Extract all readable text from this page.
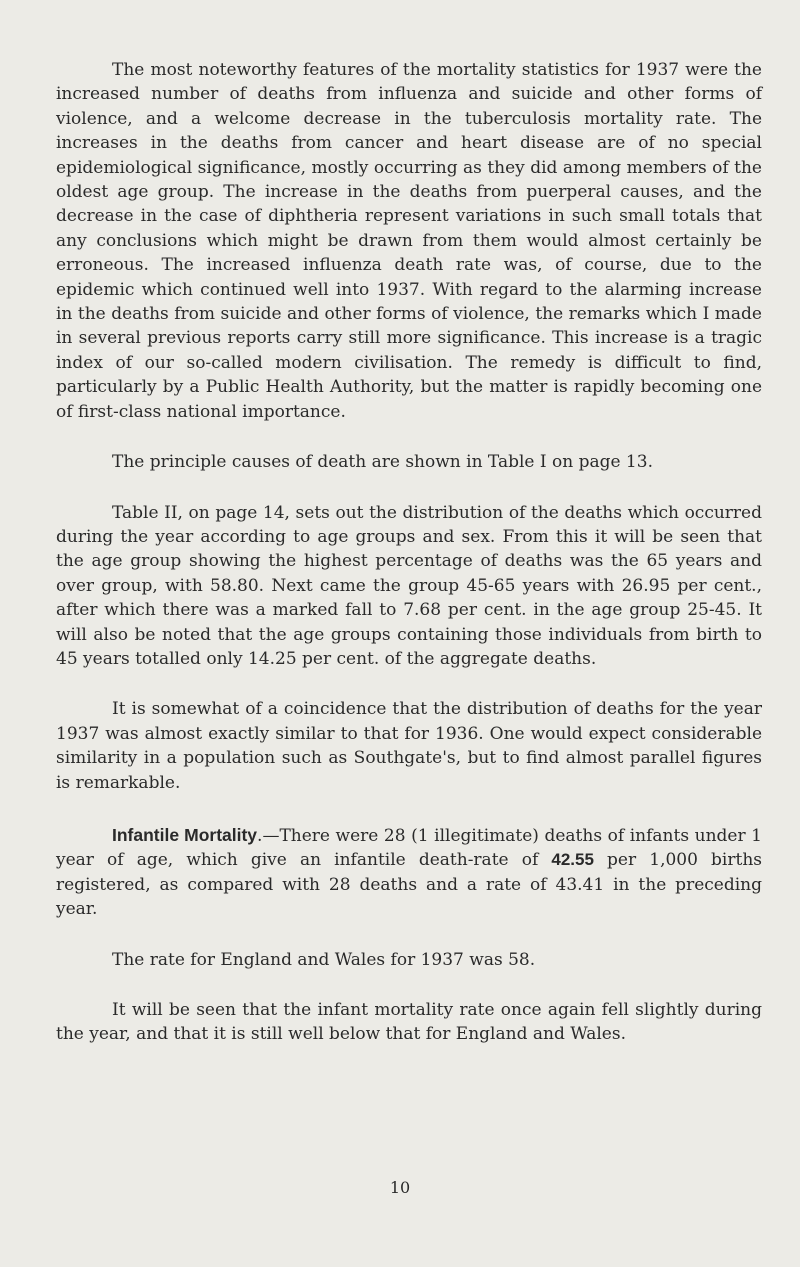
The most noteworthy features of the mortality statistics for 1937 were the increased number of deaths from influenza and suicide and other forms of violence, and a welcome decrease in the tuberculosis mortality rate. The increases in the deaths from cancer and heart disease are of no special epidemiological significance, mostly occurring as they did among members of the oldest age group. The increase in the deaths from puerperal causes, and the decrease in the case of diphtheria represent variations in such small totals that any conclusions which might be drawn from them would almost certainly be erroneous. The increased influenza death rate was, of course, due to the epidemic which continued well into 1937. With regard to the alarming increase in the deaths from suicide and other forms of violence, the remarks which I made in several previous reports carry still more significance. This increase is a tragic index of our so-called modern civilisation. The remedy is difficult to find, particularly by a Public Health Authority, but the matter is rapidly becoming one of first-class national importance.

The principle causes of death are shown in Table I on page 13.

Table II, on page 14, sets out the distribution of the deaths which occurred during the year according to age groups and sex. From this it will be seen that the age group showing the highest percentage of deaths was the 65 years and over group, with 58.80. Next came the group 45-65 years with 26.95 per cent., after which there was a marked fall to 7.68 per cent. in the age group 25-45. It will also be noted that the age groups containing those individuals from birth to 45 years totalled only 14.25 per cent. of the aggregate deaths.

It is somewhat of a coincidence that the distribution of deaths for the year 1937 was almost exactly similar to that for 1936. One would expect considerable similarity in a population such as Southgate's, but to find almost parallel figures is remarkable.

Infantile Mortality.—There were 28 (1 illegitimate) deaths of infants under 1 year of age, which give an infantile death-rate of 42.55 per 1,000 births registered, as compared with 28 deaths and a rate of 43.41 in the preceding year.

The rate for England and Wales for 1937 was 58.

It will be seen that the infant mortality rate once again fell slightly during the year, and that it is still well below that for England and Wales.

10
